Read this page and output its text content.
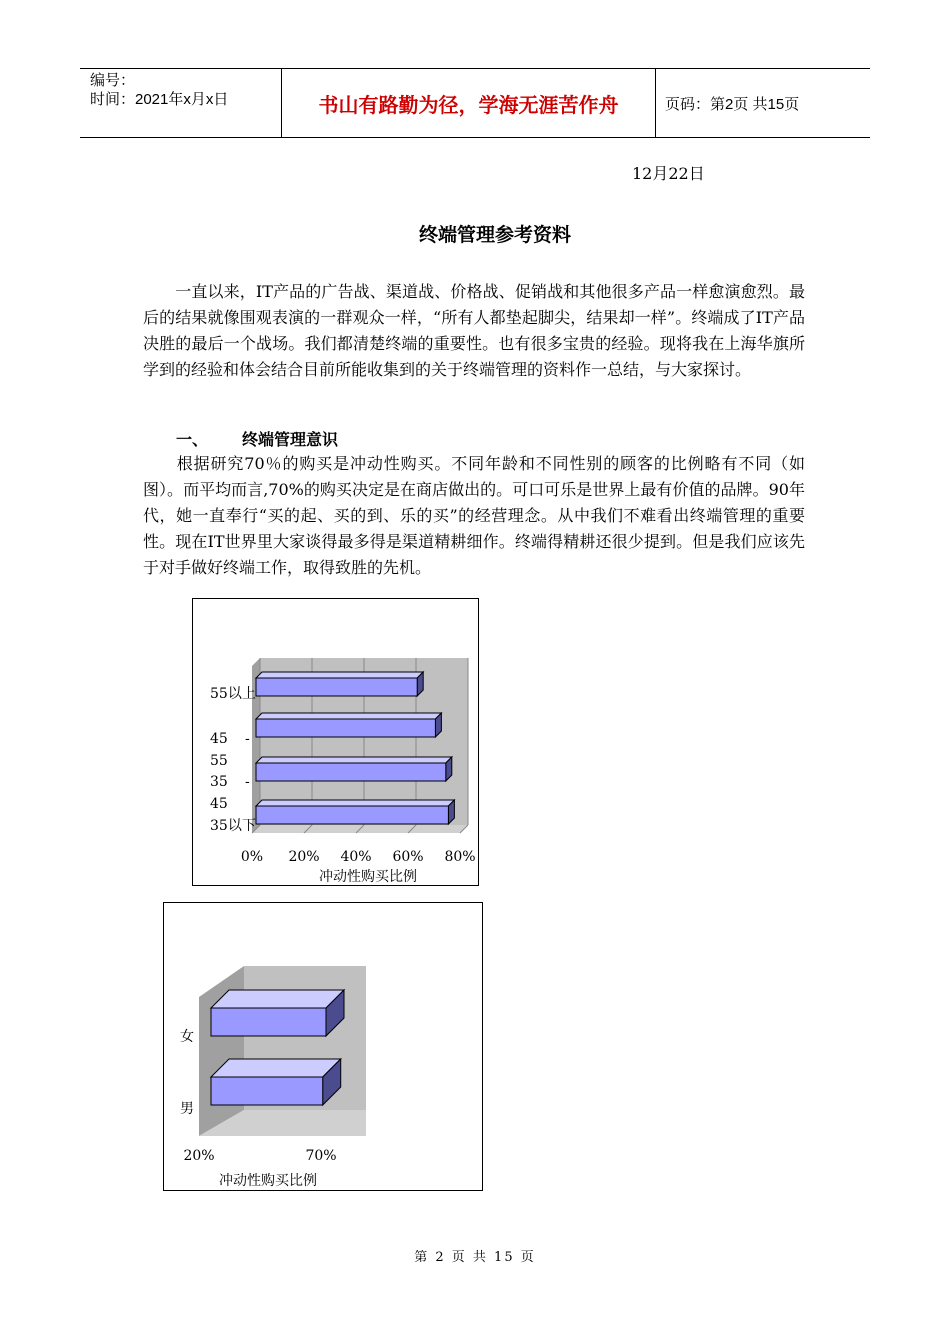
编号：
时间：2021年x月x日	书山有路勤为径，学海无涯苦作舟	页码：第2页 共15页
12月22日
终端管理参考资料
　　一直以来，IT产品的广告战、渠道战、价格战、促销战和其他很多产品一样愈演愈烈。最后的结果就像围观表演的一群观众一样，“所有人都垫起脚尖，结果却一样”。终端成了IT产品决胜的最后一个战场。我们都清楚终端的重要性。也有很多宝贵的经验。现将我在上海华旗所学到的经验和体会结合目前所能收集到的关于终端管理的资料作一总结，与大家探讨。
一、 终端管理意识
　　根据研究70％的购买是冲动性购买。不同年龄和不同性别的顾客的比例略有不同（如图）。而平均而言,70%的购买决定是在商店做出的。可口可乐是世界上最有价值的品牌。90年代，她一直奉行“买的起、买的到、乐的买”的经营理念。从中我们不难看出终端管理的重要性。现在IT世界里大家谈得最多得是渠道精耕细作。终端得精耕还很少提到。但是我们应该先于对手做好终端工作，取得致胜的先机。
55以上
45 -
55
35 -
45
35以下
0% 20% 40% 60% 80%
冲动性购买比例
女
男
20%	70%
冲动性购买比例
第 2 页 共 15 页
